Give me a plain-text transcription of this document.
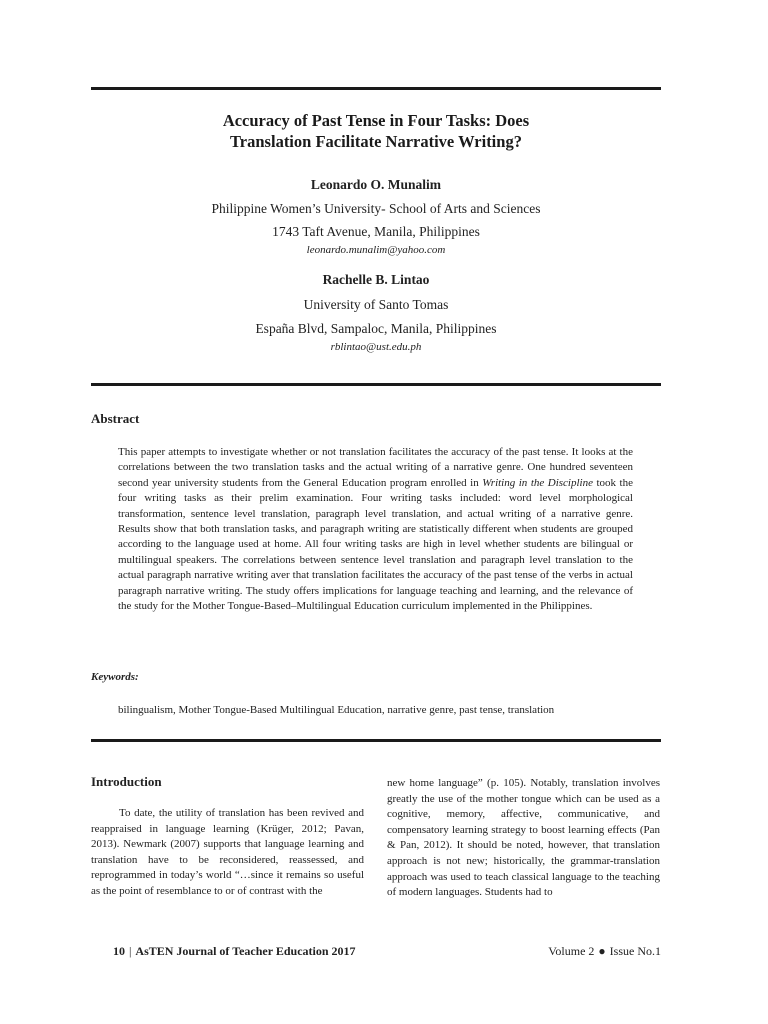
Accuracy of Past Tense in Four Tasks: Does
Translation Facilitate Narrative Writing?
Leonardo O. Munalim
Philippine Women’s University- School of Arts and Sciences
1743 Taft Avenue, Manila, Philippines
leonardo.munalim@yahoo.com
Rachelle B. Lintao
University of Santo Tomas
España Blvd, Sampaloc, Manila, Philippines
rblintao@ust.edu.ph
Abstract
This paper attempts to investigate whether or not translation facilitates the accuracy of the past tense. It looks at the correlations between the two translation tasks and the actual writing of a narrative genre. One hundred seventeen second year university students from the General Education program enrolled in Writing in the Discipline took the four writing tasks as their prelim examination. Four writing tasks included: word level morphological transformation, sentence level translation, paragraph level translation, and actual writing of a narrative genre. Results show that both translation tasks, and paragraph writing are statistically different when students are grouped according to the language used at home. All four writing tasks are high in level whether students are bilingual or multilingual speakers. The correlations between sentence level translation and paragraph level translation to the actual paragraph narrative writing aver that translation facilitates the accuracy of the past tense of the verbs in actual paragraph narrative writing. The study offers implications for language teaching and learning, and the relevance of the study for the Mother Tongue-Based–Multilingual Education curriculum implemented in the Philippines.
Keywords:
bilingualism, Mother Tongue-Based Multilingual Education, narrative genre, past tense, translation
Introduction
To date, the utility of translation has been revived and reappraised in language learning (Krüger, 2012; Pavan, 2013). Newmark (2007) supports that language learning and translation have to be reconsidered, reassessed, and reprogrammed in today’s world “…since it remains so useful as the point of resemblance to or of contrast with the
new home language” (p. 105). Notably, translation involves greatly the use of the mother tongue which can be used as a cognitive, memory, affective, communicative, and compensatory learning strategy to boost learning effects (Pan & Pan, 2012). It should be noted, however, that translation approach is not new; historically, the grammar-translation approach was used to teach classical language to the teaching of modern languages. Students had to
10 | AsTEN Journal of Teacher Education 2017	Volume 2 ● Issue No.1
